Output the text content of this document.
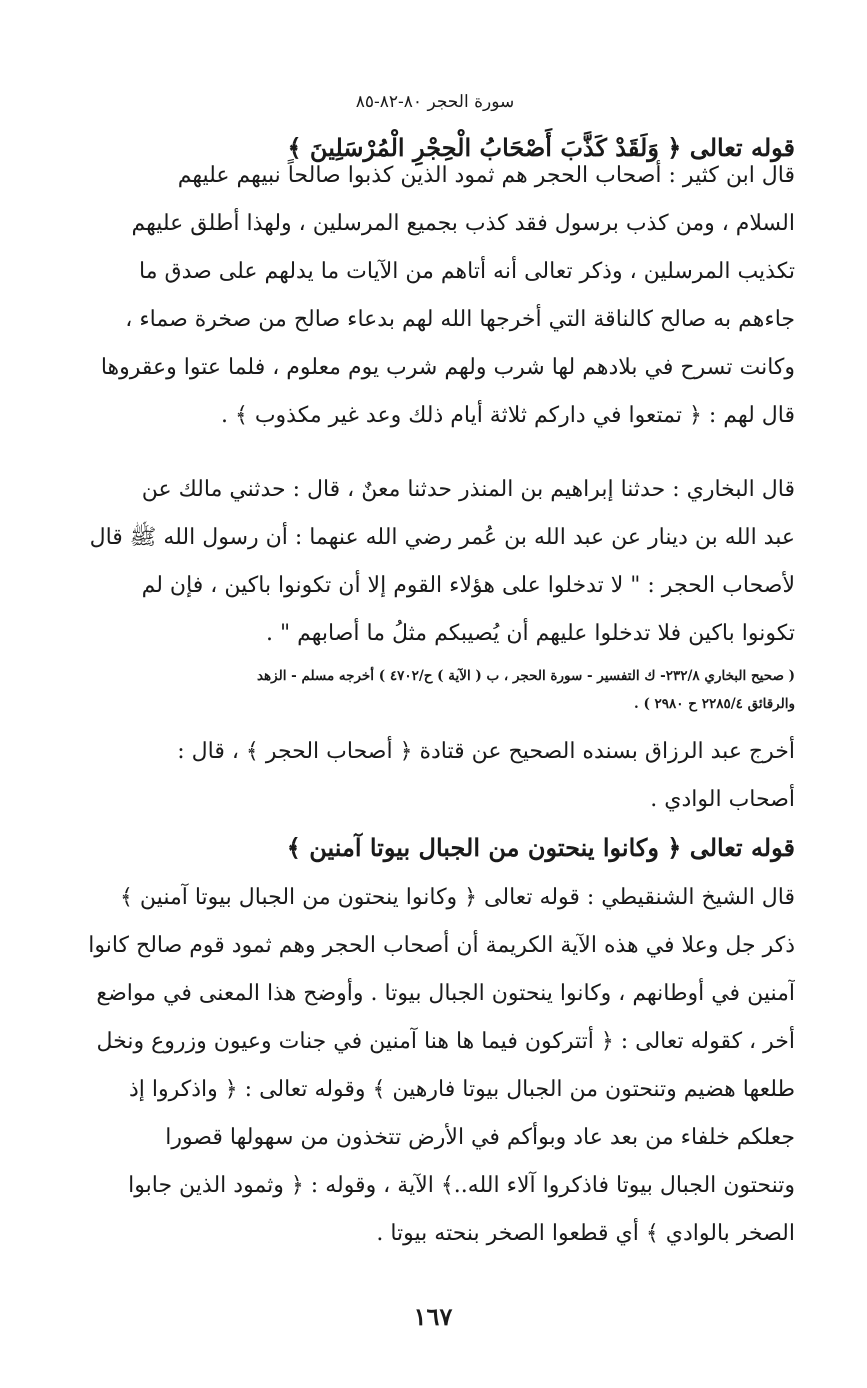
سورة الحجر ٨٠-٨٢-٨٥
قوله تعالى ﴿ وَلَقَدْ كَذَّبَ أَصْحَابُ الْحِجْرِ الْمُرْسَلِينَ ﴾
قال ابن كثير : أصحاب الحجر هم ثمود الذين كذبوا صالحاً نبيهم عليهم
السلام ، ومن كذب برسول فقد كذب بجميع المرسلين ، ولهذا أطلق عليهم
تكذيب المرسلين ، وذكر تعالى أنه أتاهم من الآيات ما يدلهم على صدق ما
جاءهم به صالح كالناقة التي أخرجها الله لهم بدعاء صالح من صخرة صماء ،
وكانت تسرح في بلادهم لها شرب ولهم شرب يوم معلوم ، فلما عتوا وعقروها
قال لهم : ﴿ تمتعوا في داركم ثلاثة أيام ذلك وعد غير مكذوب ﴾ .
قال البخاري : حدثنا إبراهيم بن المنذر حدثنا معنٌ ، قال : حدثني مالك عن
عبد الله بن دينار عن عبد الله بن عُمر رضي الله عنهما : أن رسول الله ﷺ قال
لأصحاب الحجر : " لا تدخلوا على هؤلاء القوم إلا أن تكونوا باكين ، فإن لم
تكونوا باكين فلا تدخلوا عليهم أن يُصيبكم مثلُ ما أصابهم " .
( صحيح البخاري ٢٣٢/٨- ك التفسير - سورة الحجر ، ب ( الآية ) ح/٤٧٠٢ ) أخرجه مسلم - الزهد
والرقائق ٢٢٨٥/٤ ح ٢٩٨٠ ) .
أخرج عبد الرزاق بسنده الصحيح عن قتادة ﴿ أصحاب الحجر ﴾ ، قال :
أصحاب الوادي .
قوله تعالى ﴿ وكانوا ينحتون من الجبال بيوتا آمنين ﴾
قال الشيخ الشنقيطي : قوله تعالى ﴿ وكانوا ينحتون من الجبال بيوتا آمنين ﴾
ذكر جل وعلا في هذه الآية الكريمة أن أصحاب الحجر وهم ثمود قوم صالح كانوا
آمنين في أوطانهم ، وكانوا ينحتون الجبال بيوتا . وأوضح هذا المعنى في مواضع
أخر ، كقوله تعالى : ﴿ أتتركون فيما ها هنا آمنين في جنات وعيون وزروع ونخل
طلعها هضيم وتنحتون من الجبال بيوتا فارهين ﴾ وقوله تعالى : ﴿ واذكروا إذ
جعلكم خلفاء من بعد عاد وبوأكم في الأرض تتخذون من سهولها قصورا
وتنحتون الجبال بيوتا فاذكروا آلاء الله..﴾ الآية ، وقوله : ﴿ وثمود الذين جابوا
الصخر بالوادي ﴾ أي قطعوا الصخر بنحته بيوتا .
١٦٧
